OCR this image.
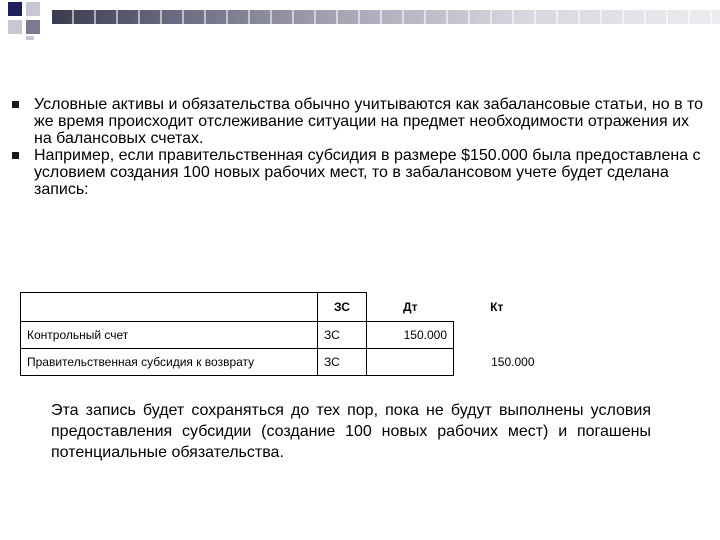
Условные активы и обязательства обычно учитываются как забалансовые статьи, но в то же время происходит отслеживание ситуации на предмет необходимости отражения их на балансовых счетах.
Например, если правительственная субсидия в размере $150.000 была предоставлена с условием создания 100 новых рабочих мест, то в забалансовом учете будет сделана запись:
	ЗС	Дт	Кт
Контрольный счет	ЗС	150.000	
Правительственная субсидия к возврату	ЗС		150.000
Эта запись будет сохраняться до тех пор, пока не будут выполнены условия предоставления субсидии (создание 100 новых рабочих мест) и погашены потенциальные обязательства.
